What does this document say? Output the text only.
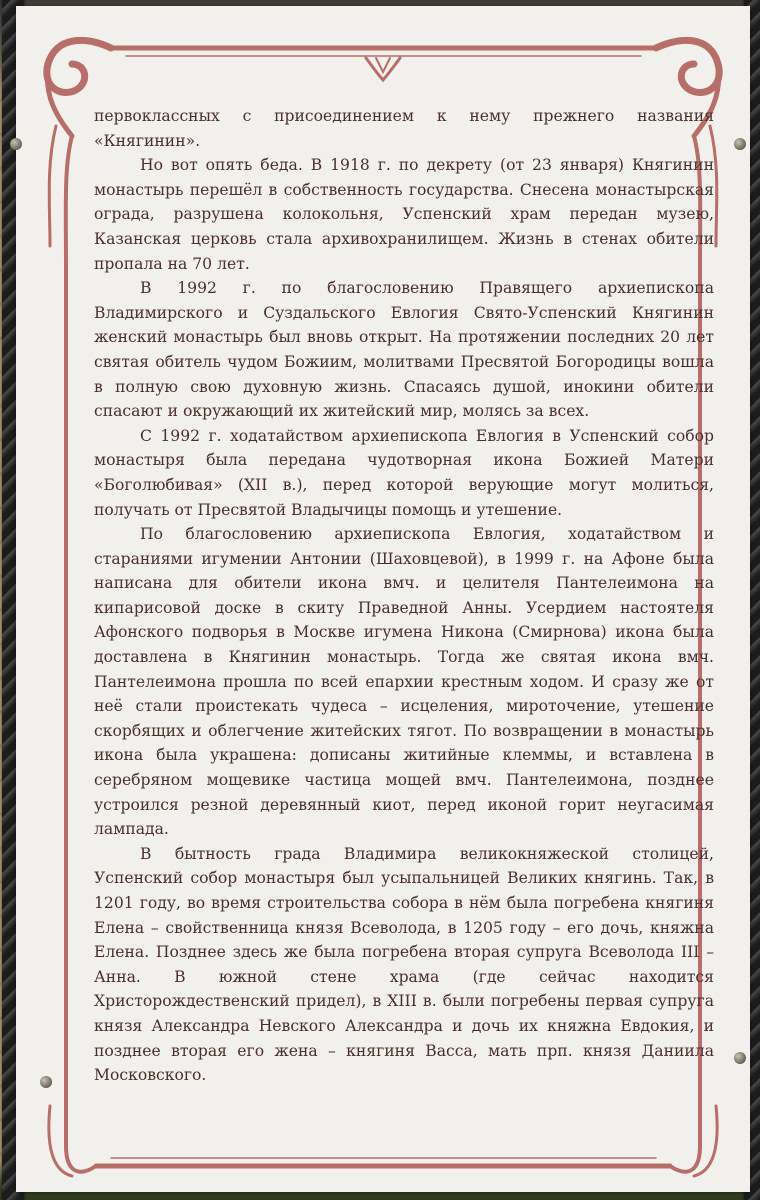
первоклассных с присоединением к нему прежнего названия «Княгинин».

Но вот опять беда. В 1918 г. по декрету (от 23 января) Княгинин монастырь перешёл в собственность государства. Снесена монастырская ограда, разрушена колокольня, Успенский храм передан музею, Казанская церковь стала архивохранилищем. Жизнь в стенах обители пропала на 70 лет.

В 1992 г. по благословению Правящего архиепископа Владимирского и Суздальского Евлогия Свято-Успенский Княгинин женский монастырь был вновь открыт. На протяжении последних 20 лет святая обитель чудом Божиим, молитвами Пресвятой Богородицы вошла в полную свою духовную жизнь. Спасаясь душой, инокини обители спасают и окружающий их житейский мир, молясь за всех.

С 1992 г. ходатайством архиепископа Евлогия в Успенский собор монастыря была передана чудотворная икона Божией Матери «Боголюбивая» (XII в.), перед которой верующие могут молиться, получать от Пресвятой Владычицы помощь и утешение.

По благословению архиепископа Евлогия, ходатайством и стараниями игумении Антонии (Шаховцевой), в 1999 г. на Афоне была написана для обители икона вмч. и целителя Пантелеимона на кипарисовой доске в скиту Праведной Анны. Усердием настоятеля Афонского подворья в Москве игумена Никона (Смирнова) икона была доставлена в Княгинин монастырь. Тогда же святая икона вмч. Пантелеимона прошла по всей епархии крестным ходом. И сразу же от неё стали проистекать чудеса – исцеления, мироточение, утешение скорбящих и облегчение житейских тягот. По возвращении в монастырь икона была украшена: дописаны житийные клеммы, и вставлена в серебряном мощевике частица мощей вмч. Пантелеимона, позднее устроился резной деревянный киот, перед иконой горит неугасимая лампада.

В бытность града Владимира великокняжеской столицей, Успенский собор монастыря был усыпальницей Великих княгинь. Так, в 1201 году, во время строительства собора в нём была погребена княгиня Елена – свойственница князя Всеволода, в 1205 году – его дочь, княжна Елена. Позднее здесь же была погребена вторая супруга Всеволода III – Анна. В южной стене храма (где сейчас находится Христорождественский придел), в XIII в. были погребены первая супруга князя Александра Невского Александра и дочь их княжна Евдокия, и позднее вторая его жена – княгиня Васса, мать прп. князя Даниила Московского.
